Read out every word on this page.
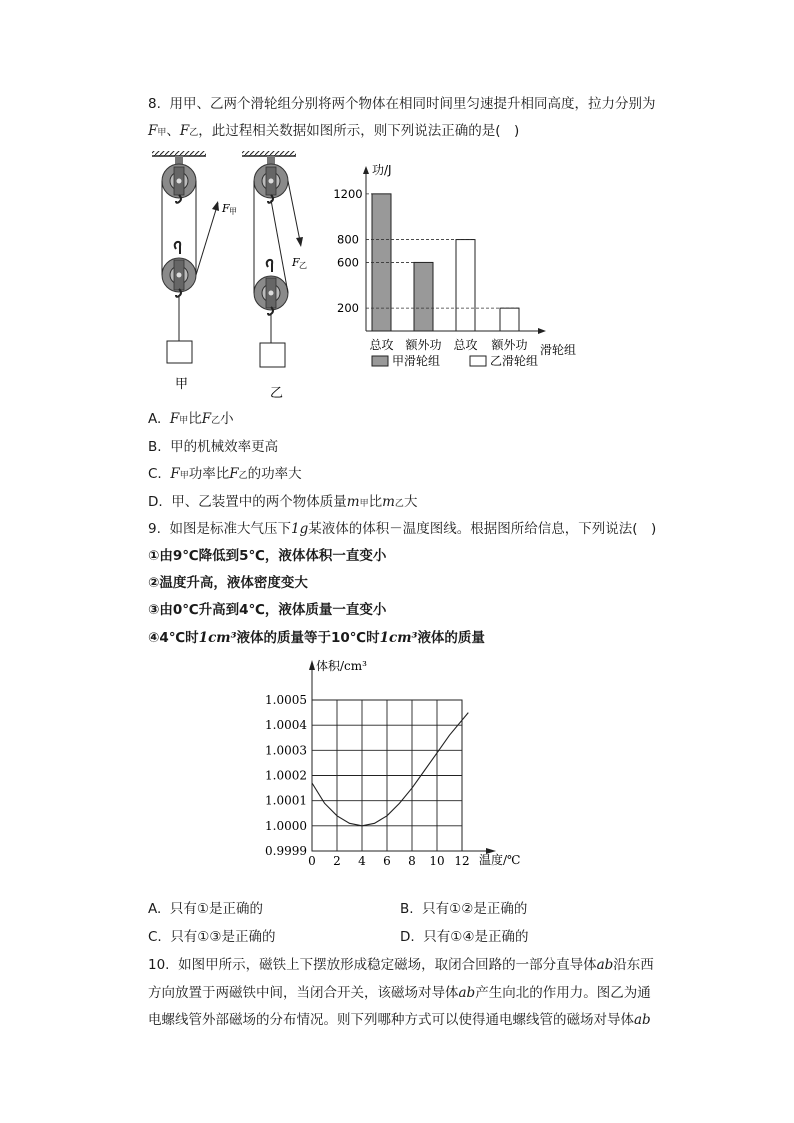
8. 用甲、乙两个滑轮组分别将两个物体在相同时间里匀速提升相同高度，拉力分别为
F甲、F乙，此过程相关数据如图所示，则下列说法正确的是(　)
F 甲
甲
F 乙
乙
功/J
滑轮组
总攻 额外功 总攻 额外功
200
600
800
1200
甲滑轮组	乙滑轮组
A. F甲比F乙小
B. 甲的机械效率更高
C. F甲功率比F乙的功率大
D. 甲、乙装置中的两个物体质量m甲比m乙大
9. 如图是标准大气压下1g某液体的体积－温度图线。根据图所给信息，下列说法(　)
①由9℃降低到5℃，液体体积一直变小
②温度升高，液体密度变大
③由0℃升高到4℃，液体质量一直变小
④4℃时1cm³液体的质量等于10℃时1cm³液体的质量
0 2 4 6 8 10 12
0.9999
1.0000
1.0001
1.0002
1.0003
1.0004
1.0005
体积/cm³
温度/℃
A. 只有①是正确的	B. 只有①②是正确的
C. 只有①③是正确的	D. 只有①④是正确的
10. 如图甲所示，磁铁上下摆放形成稳定磁场，取闭合回路的一部分直导体ab沿东西
方向放置于两磁铁中间，当闭合开关，该磁场对导体ab产生向北的作用力。图乙为通
电螺线管外部磁场的分布情况。则下列哪种方式可以使得通电螺线管的磁场对导体ab
